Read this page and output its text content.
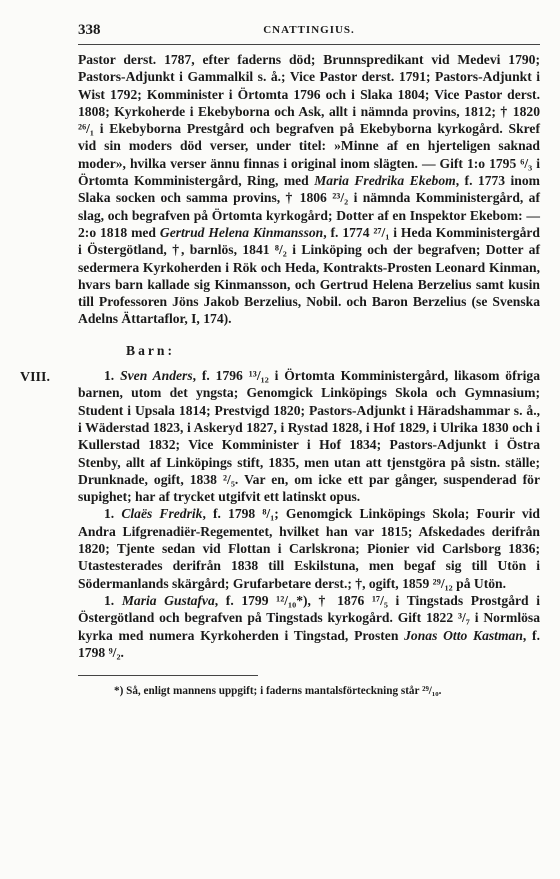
338	CNATTINGIUS.

Pastor derst. 1787, efter faderns död; Brunnspredikant vid Medevi 1790; Pastors-Adjunkt i Gammalkil s. å.; Vice Pastor derst. 1791; Pastors-Adjunkt i Wist 1792; Komminister i Örtomta 1796 och i Slaka 1804; Vice Pastor derst. 1808; Kyrkoherde i Ekebyborna och Ask, allt i nämnda provins, 1812; † 1820 ²⁶/₁ i Ekebyborna Prestgård och begrafven på Ekebyborna kyrkogård. Skref vid sin moders död verser, under titel: »Minne af en hjerteligen saknad moder», hvilka verser ännu finnas i original inom slägten. — Gift 1:o 1795 ⁶/₃ i Örtomta Komministergård, Ring, med Maria Fredrika Ekebom, f. 1773 inom Slaka socken och samma provins, † 1806 ²³/₂ i nämnda Komministergård, af slag, och begrafven på Örtomta kyrkogård; Dotter af en Inspektor Ekebom: — 2:o 1818 med Gertrud Helena Kinmansson, f. 1774 ²⁷/₁ i Heda Komministergård i Östergötland, †, barnlös, 1841 ⁸/₂ i Linköping och der begrafven; Dotter af sedermera Kyrkoherden i Rök och Heda, Kontrakts-Prosten Leonard Kinman, hvars barn kallade sig Kinmansson, och Gertrud Helena Berzelius samt kusin till Professoren Jöns Jakob Berzelius, Nobil. och Baron Berzelius (se Svenska Adelns Ättartaflor, I, 174).

Barn:
VIII.	1. Sven Anders, f. 1796 ¹³/₁₂ i Örtomta Komministergård, likasom öfriga barnen, utom det yngsta; Genomgick Linköpings Skola och Gymnasium; Student i Upsala 1814; Prestvigd 1820; Pastors-Adjunkt i Häradshammar s. å., i Wäderstad 1823, i Askeryd 1827, i Rystad 1828, i Hof 1829, i Ulrika 1830 och i Kullerstad 1832; Vice Komminister i Hof 1834; Pastors-Adjunkt i Östra Stenby, allt af Linköpings stift, 1835, men utan att tjenstgöra på sistn. ställe; Drunknade, ogift, 1838 ²/₅. Var en, om icke ett par gånger, suspenderad för supighet; har af trycket utgifvit ett latinskt opus.

1. Claës Fredrik, f. 1798 ⁸/₁; Genomgick Linköpings Skola; Fourir vid Andra Lifgrenadiër-Regementet, hvilket han var 1815; Afskedades derifrån 1820; Tjente sedan vid Flottan i Carlskrona; Pionier vid Carlsborg 1836; Utastesterades derifrån 1838 till Eskilstuna, men begaf sig till Utön i Södermanlands skärgård; Grufarbetare derst.; †, ogift, 1859 ²⁹/₁₂ på Utön.

1. Maria Gustafva, f. 1799 ¹²/₁₀*), † 1876 ¹⁷/₅ i Tingstads Prostgård i Östergötland och begrafven på Tingstads kyrkogård. Gift 1822 ³/₇ i Normlösa kyrka med numera Kyrkoherden i Tingstad, Prosten Jonas Otto Kastman, f. 1798 ⁹/₂.

*) Så, enligt mannens uppgift; i faderns mantalsförteckning står ²⁹/₁₀.
